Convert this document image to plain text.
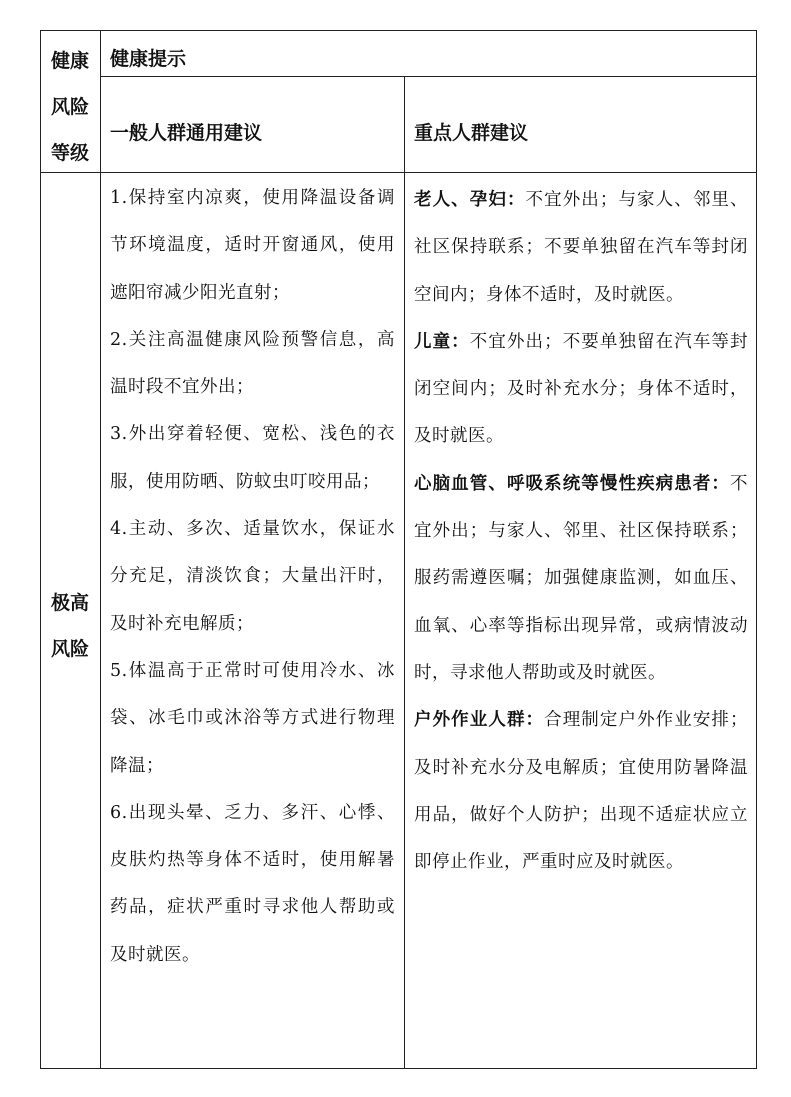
健康
风险
等级
健康提示
一般人群通用建议	重点人群建议
极高
风险

1.保持室内凉爽，使用降温设备调节环境温度，适时开窗通风，使用遮阳帘减少阳光直射；

2.关注高温健康风险预警信息，高温时段不宜外出；

3.外出穿着轻便、宽松、浅色的衣服，使用防晒、防蚊虫叮咬用品；

4.主动、多次、适量饮水，保证水分充足，清淡饮食；大量出汗时，及时补充电解质；

5.体温高于正常时可使用冷水、冰袋、冰毛巾或沐浴等方式进行物理降温；

6.出现头晕、乏力、多汗、心悸、皮肤灼热等身体不适时，使用解暑药品，症状严重时寻求他人帮助或及时就医。

老人、孕妇：不宜外出；与家人、邻里、社区保持联系；不要单独留在汽车等封闭空间内；身体不适时，及时就医。

儿童：不宜外出；不要单独留在汽车等封闭空间内；及时补充水分；身体不适时，及时就医。

心脑血管、呼吸系统等慢性疾病患者：不宜外出；与家人、邻里、社区保持联系；服药需遵医嘱；加强健康监测，如血压、血氧、心率等指标出现异常，或病情波动时，寻求他人帮助或及时就医。

户外作业人群：合理制定户外作业安排；及时补充水分及电解质；宜使用防暑降温用品，做好个人防护；出现不适症状应立即停止作业，严重时应及时就医。
